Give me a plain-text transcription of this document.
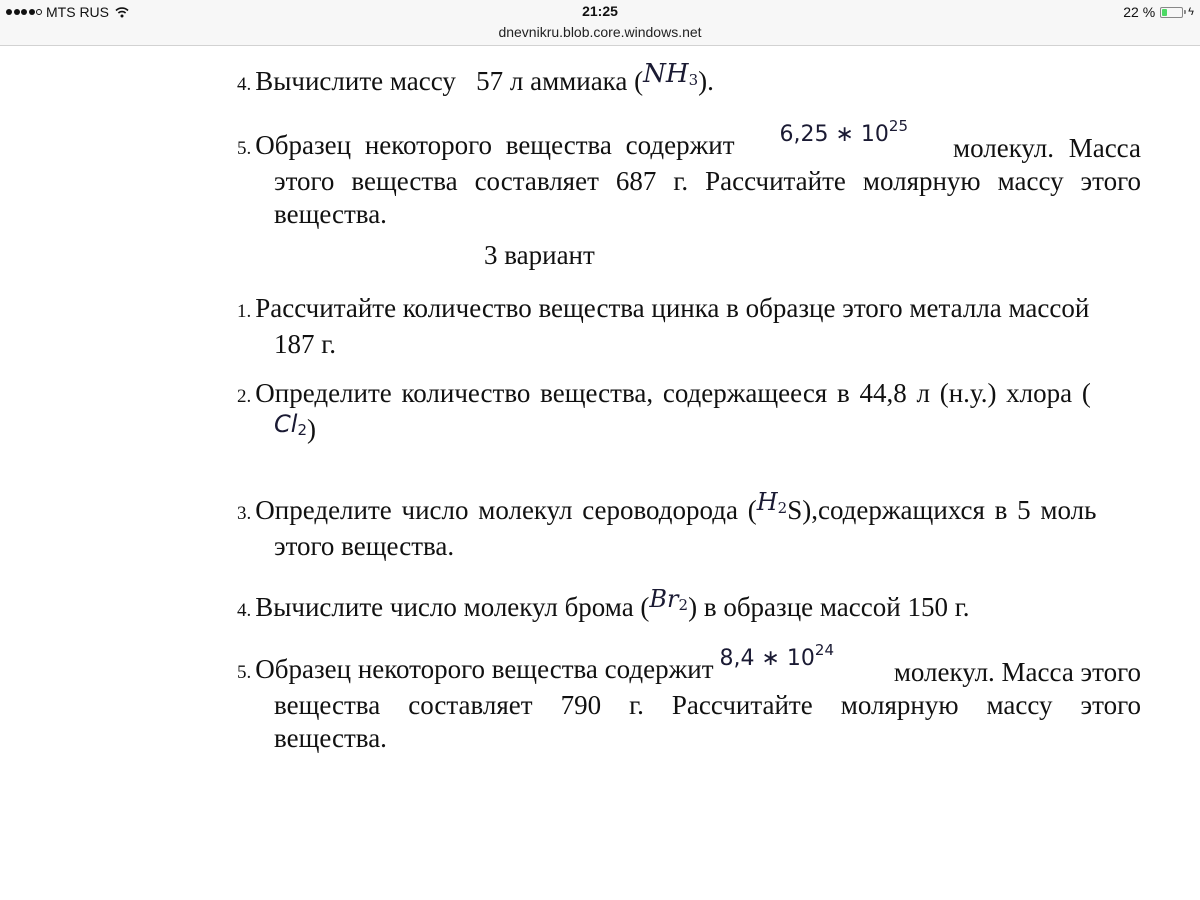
MTS RUS	21:25
dnevnikru.blob.core.windows.net
22 %	ϟ
4. Вычислите массу   57 л аммиака $(NH_3)$.
5. Образец некоторого вещества содержит 6,25 ∗ $10^{25}$
молекул. Масса
этого вещества составляет 687 г. Рассчитайте молярную массу этого
вещества.
3 вариант
1. Рассчитайте количество вещества цинка в образце этого металла массой
187 г.
2. Определите количество вещества, содержащееся в 44,8 л (н.у.) хлора (
$Cl_2$)
3. Определите число молекул сероводорода $(H_2S),содержащихся$ в 5 моль
этого вещества.
4. Вычислите число молекул брома $(Br_2)$ в образце массой 150 г.
5. Образец некоторого вещества содержит 8,4 ∗ $10^{24}$
молекул. Масса этого
вещества составляет 790 г. Рассчитайте молярную массу этого
вещества.
